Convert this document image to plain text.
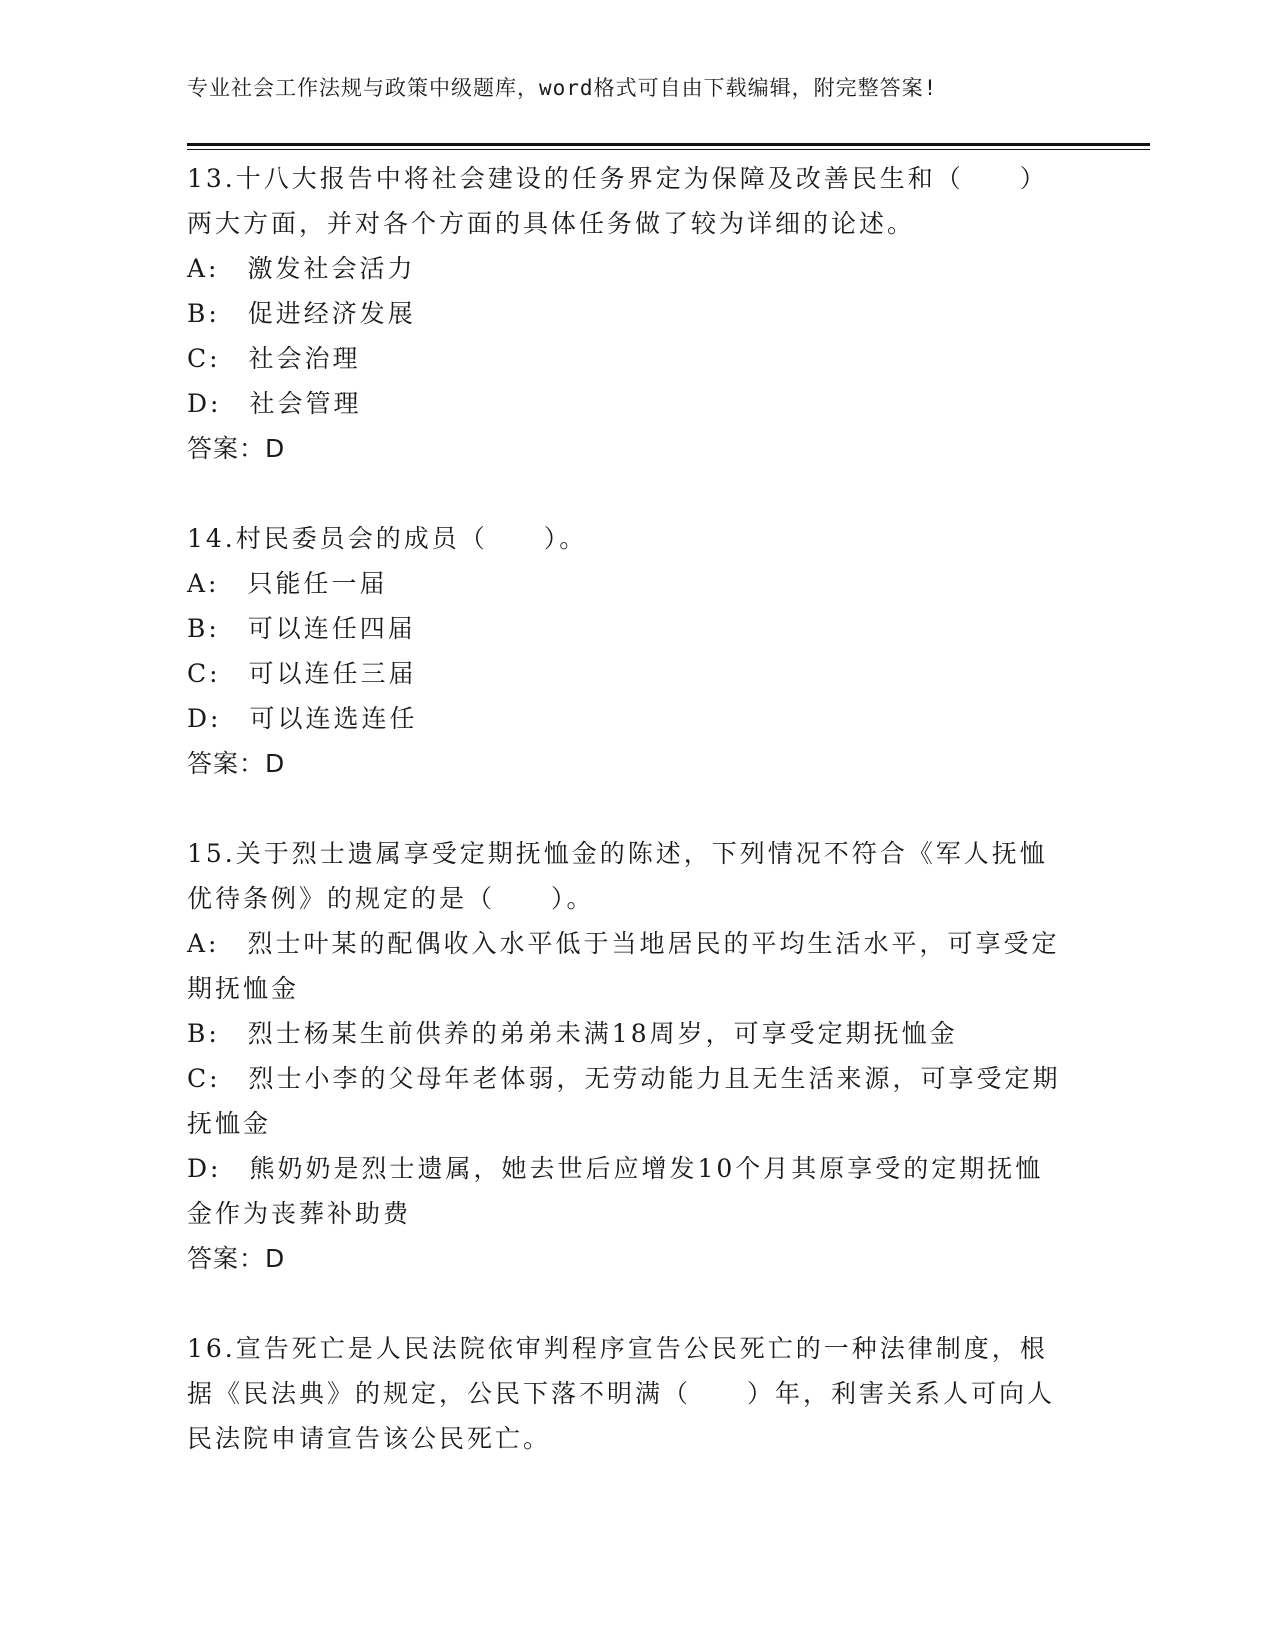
专业社会工作法规与政策中级题库，word格式可自由下载编辑，附完整答案!
13.十八大报告中将社会建设的任务界定为保障及改善民生和（　　）
两大方面，并对各个方面的具体任务做了较为详细的论述。
A:　激发社会活力
B:　促进经济发展
C:　社会治理
D:　社会管理
答案：D
14.村民委员会的成员（　　）。
A:　只能任一届
B:　可以连任四届
C:　可以连任三届
D:　可以连选连任
答案：D
15.关于烈士遗属享受定期抚恤金的陈述，下列情况不符合《军人抚恤
优待条例》的规定的是（　　）。
A:　烈士叶某的配偶收入水平低于当地居民的平均生活水平，可享受定
期抚恤金
B:　烈士杨某生前供养的弟弟未满18周岁，可享受定期抚恤金
C:　烈士小李的父母年老体弱，无劳动能力且无生活来源，可享受定期
抚恤金
D:　熊奶奶是烈士遗属，她去世后应增发10个月其原享受的定期抚恤
金作为丧葬补助费
答案：D
16.宣告死亡是人民法院依审判程序宣告公民死亡的一种法律制度，根
据《民法典》的规定，公民下落不明满（　　）年，利害关系人可向人
民法院申请宣告该公民死亡。
